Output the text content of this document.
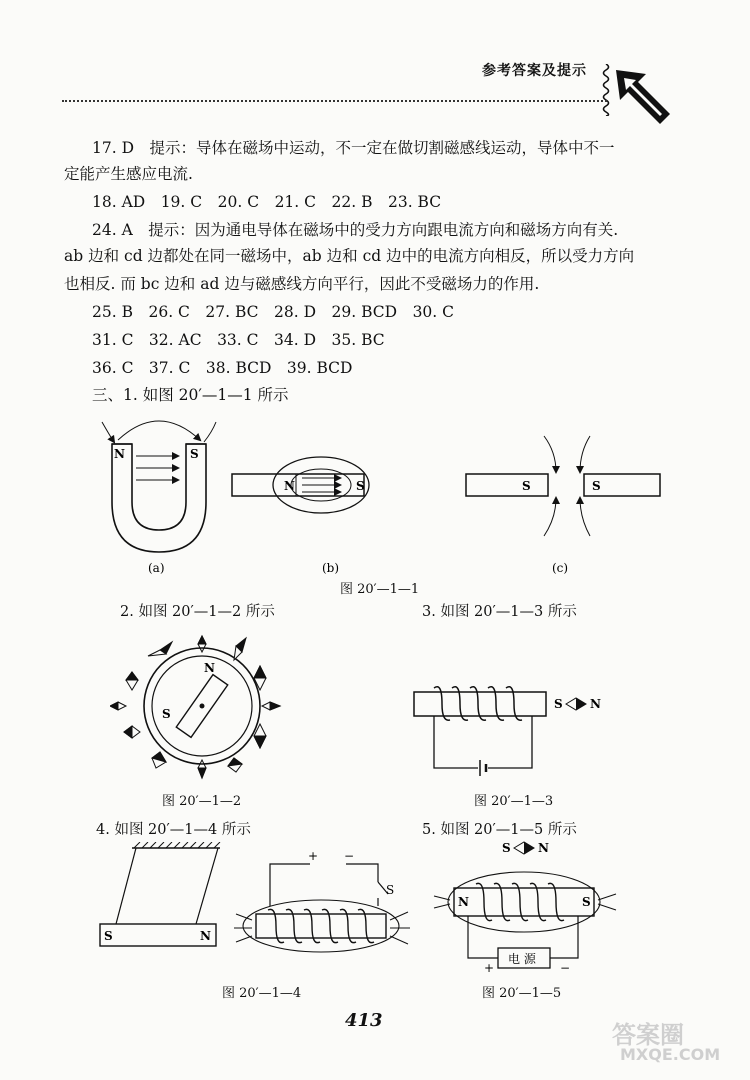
参考答案及提示
17. D　提示：导体在磁场中运动，不一定在做切割磁感线运动，导体中不一
定能产生感应电流.
18. AD　19. C　20. C　21. C　22. B　23. BC
24. A　提示：因为通电导体在磁场中的受力方向跟电流方向和磁场方向有关.
ab 边和 cd 边都处在同一磁场中，ab 边和 cd 边中的电流方向相反，所以受力方向
也相反. 而 bc 边和 ad 边与磁感线方向平行，因此不受磁场力的作用.
25. B　26. C　27. BC　28. D　29. BCD　30. C
31. C　32. AC　33. C　34. D　35. BC
36. C　37. C　38. BCD　39. BCD
三、1. 如图 20′—1—1 所示
N	S
N	S	S	S
(a)	(b)	(c)
图 20′—1—1
2. 如图 20′—1—2 所示	3. 如图 20′—1—3 所示
N
S
图 20′—1—2
S N
图 20′—1—3
4. 如图 20′—1—4 所示	5. 如图 20′—1—5 所示
S	N
+ −
S
图 20′—1—4
S N
N	S
电 源
+	−
图 20′—1—5
413
答案圈
MXQE.COM
